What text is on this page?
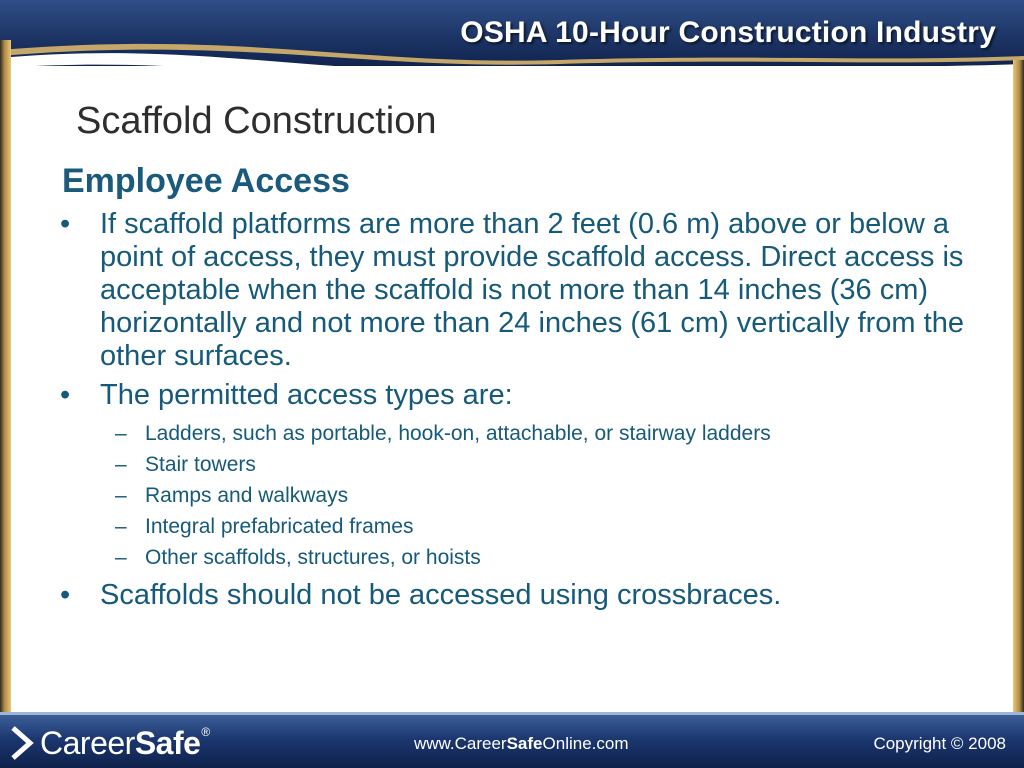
OSHA 10-Hour Construction Industry
Scaffold Construction
Employee Access
• If scaffold platforms are more than 2 feet (0.6 m) above or below a point of access, they must provide scaffold access. Direct access is acceptable when the scaffold is not more than 14 inches (36 cm) horizontally and not more than 24 inches (61 cm) vertically from the other surfaces.
• The permitted access types are:
– Ladders, such as portable, hook-on, attachable, or stairway ladders
– Stair towers
– Ramps and walkways
– Integral prefabricated frames
– Other scaffolds, structures, or hoists
• Scaffolds should not be accessed using crossbraces.
Career Safe ®
www.CareerSafeOnline.com	Copyright © 2008
